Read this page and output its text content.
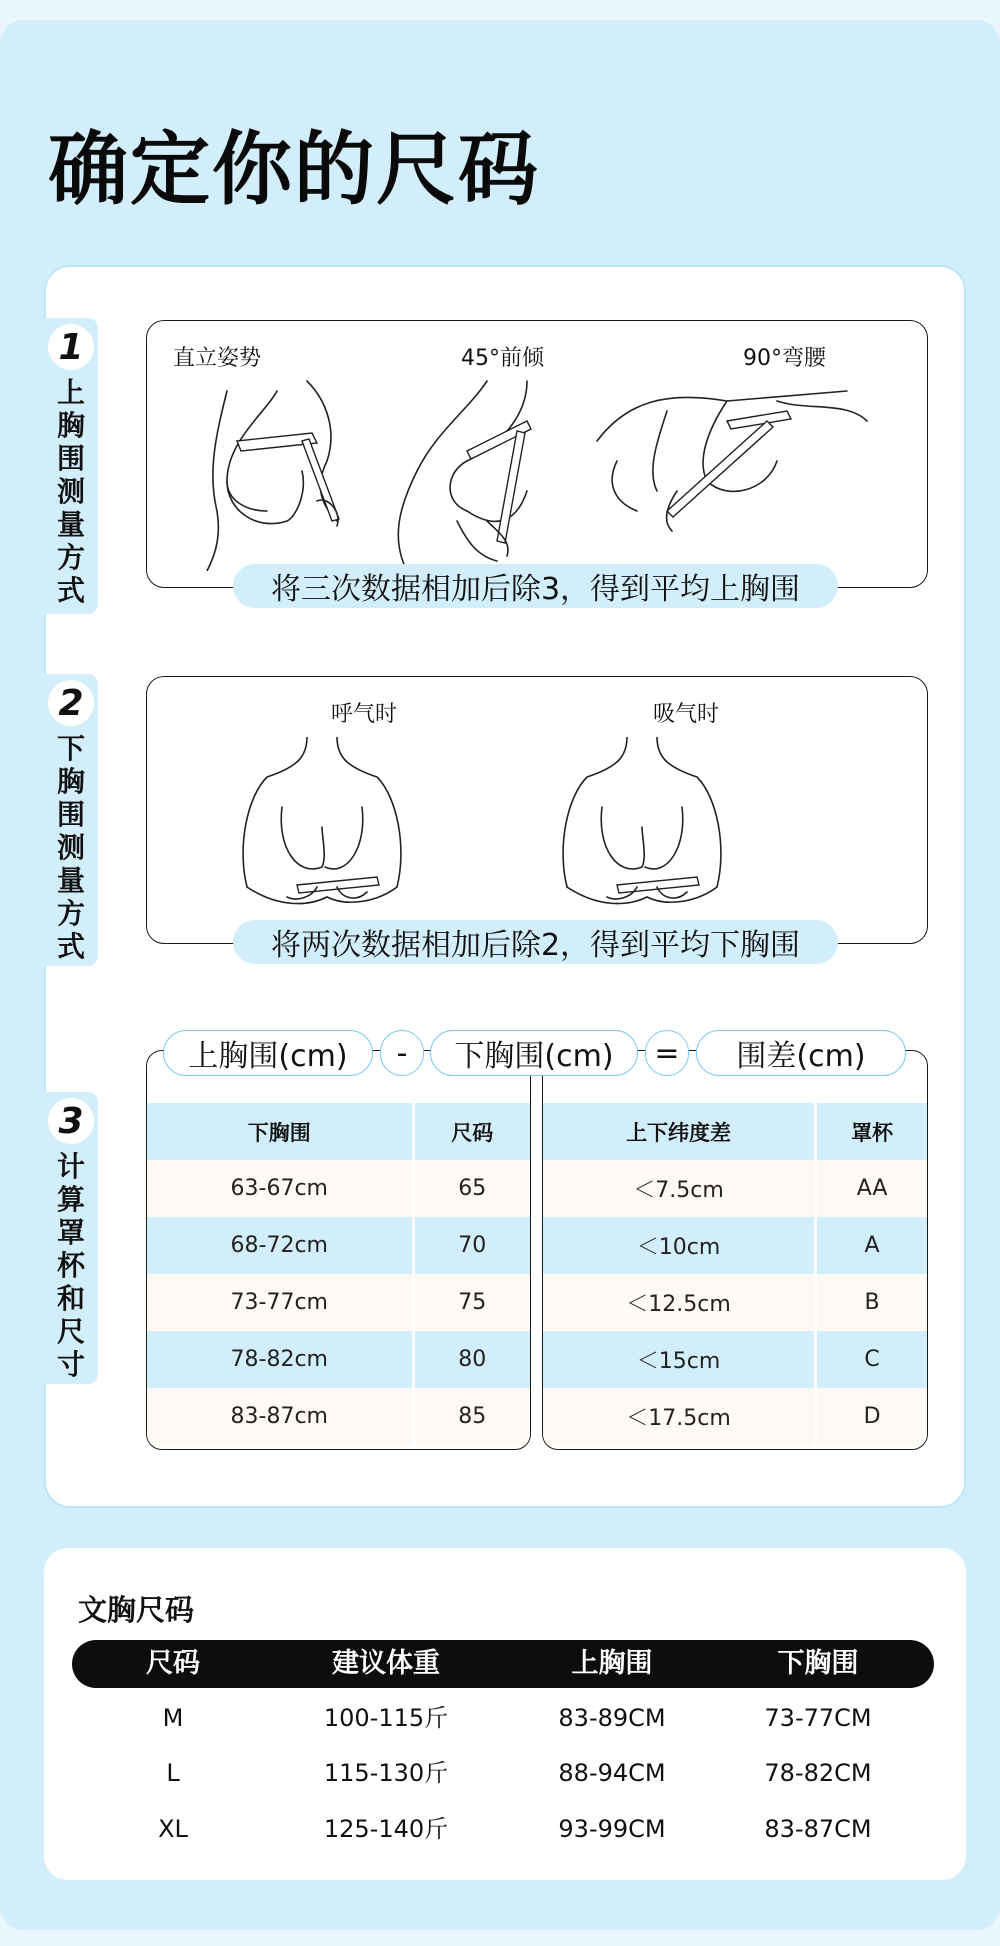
确定你的尺码
1
上胸围测量方式
2
下胸围测量方式
3
计算罩杯和尺寸
直立姿势	45°前倾	90°弯腰
将三次数据相加后除3，得到平均上胸围
呼气时	吸气时
将两次数据相加后除2，得到平均下胸围
下胸围	尺码
63-67cm	65
68-72cm	70
73-77cm	75
78-82cm	80
83-87cm	85
上下纬度差	罩杯
＜7.5cm	AA
＜10cm	A
＜12.5cm	B
＜15cm	C
＜17.5cm	D
上胸围(cm)	-	下胸围(cm)	=	围差(cm)
文胸尺码
尺码	建议体重	上胸围	下胸围
M	100-115斤	83-89CM	73-77CM
L	115-130斤	88-94CM	78-82CM
XL	125-140斤	93-99CM	83-87CM
